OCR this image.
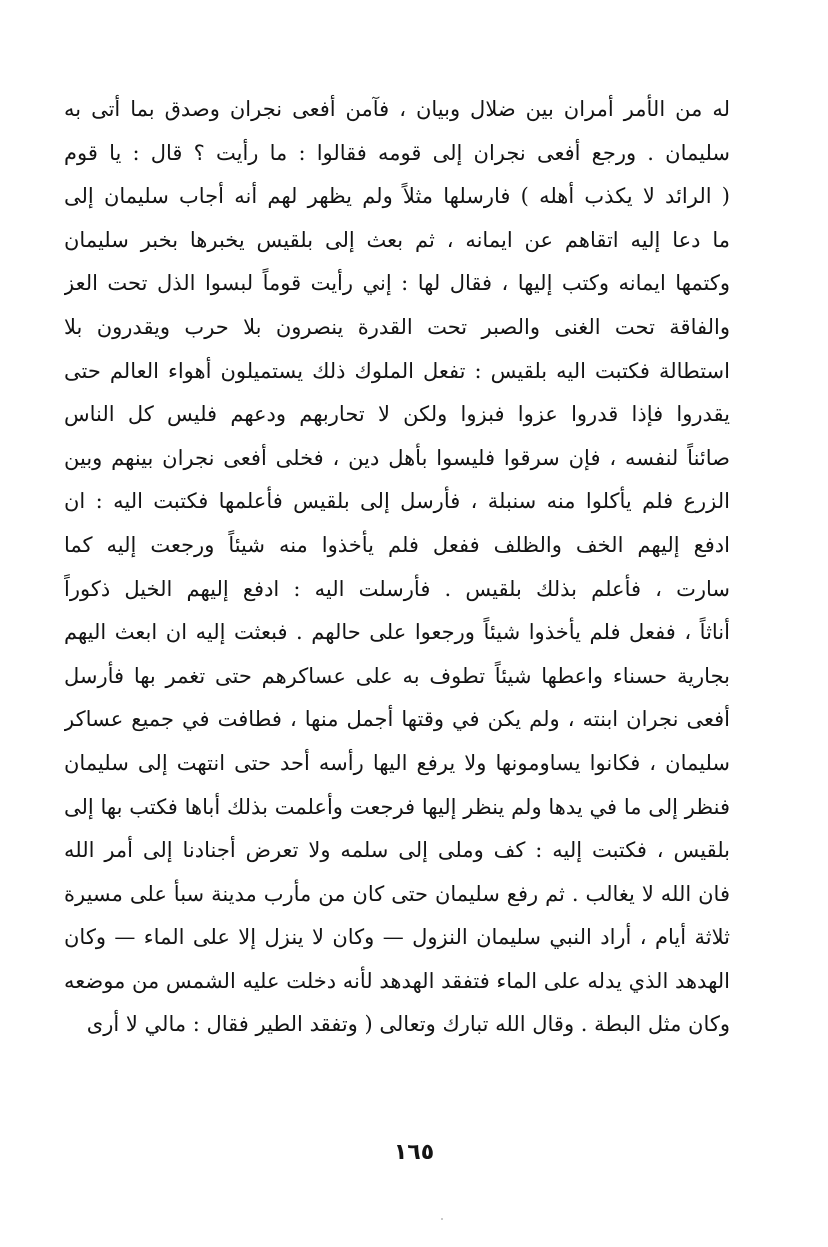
له من الأمر أمران بين ضلال وبيان ، فآمن أفعى نجران وصدق بما أتى به
سليمان . ورجع أفعى نجران إلى قومه فقالوا : ما رأيت ؟ قال : يا قوم
( الرائد لا يكذب أهله ) فارسلها مثلاً ولم يظهر لهم أنه أجاب سليمان إلى
ما دعا إليه اتقاهم عن ايمانه ، ثم بعث إلى بلقيس يخبرها بخبر سليمان
وكتمها ايمانه وكتب إليها ، فقال لها : إني رأيت قوماً لبسوا الذل تحت العز
والفاقة تحت الغنى والصبر تحت القدرة ينصرون بلا حرب ويقدرون بلا
استطالة فكتبت اليه بلقيس : تفعل الملوك ذلك يستميلون أهواء العالم حتى
يقدروا فإذا قدروا عزوا فبزوا ولكن لا تحاربهم ودعهم فليس كل الناس
صائناً لنفسه ، فإن سرقوا فليسوا بأهل دين ، فخلى أفعى نجران بينهم وبين
الزرع فلم يأكلوا منه سنبلة ، فأرسل إلى بلقيس فأعلمها فكتبت اليه : ان
ادفع إليهم الخف والظلف ففعل فلم يأخذوا منه شيئاً ورجعت إليه كما
سارت ، فأعلم بذلك بلقيس . فأرسلت اليه : ادفع إليهم الخيل ذكوراً
أناثاً ، ففعل فلم يأخذوا شيئاً ورجعوا على حالهم . فبعثت إليه ان ابعث اليهم
بجارية حسناء واعطها شيئاً تطوف به على عساكرهم حتى تغمر بها فأرسل
أفعى نجران ابنته ، ولم يكن في وقتها أجمل منها ، فطافت في جميع عساكر
سليمان ، فكانوا يساومونها ولا يرفع اليها رأسه أحد حتى انتهت إلى سليمان
فنظر إلى ما في يدها ولم ينظر إليها فرجعت وأعلمت بذلك أباها فكتب بها إلى
بلقيس ، فكتبت إليه : كف وملى إلى سلمه ولا تعرض أجنادنا إلى أمر الله
فان الله لا يغالب . ثم رفع سليمان حتى كان من مأرب مدينة سبأ على مسيرة
ثلاثة أيام ، أراد النبي سليمان النزول — وكان لا ينزل إلا على الماء — وكان
الهدهد الذي يدله على الماء فتفقد الهدهد لأنه دخلت عليه الشمس من موضعه
وكان مثل البطة . وقال الله تبارك وتعالى ( وتفقد الطير فقال : مالي لا أرى
١٦٥
